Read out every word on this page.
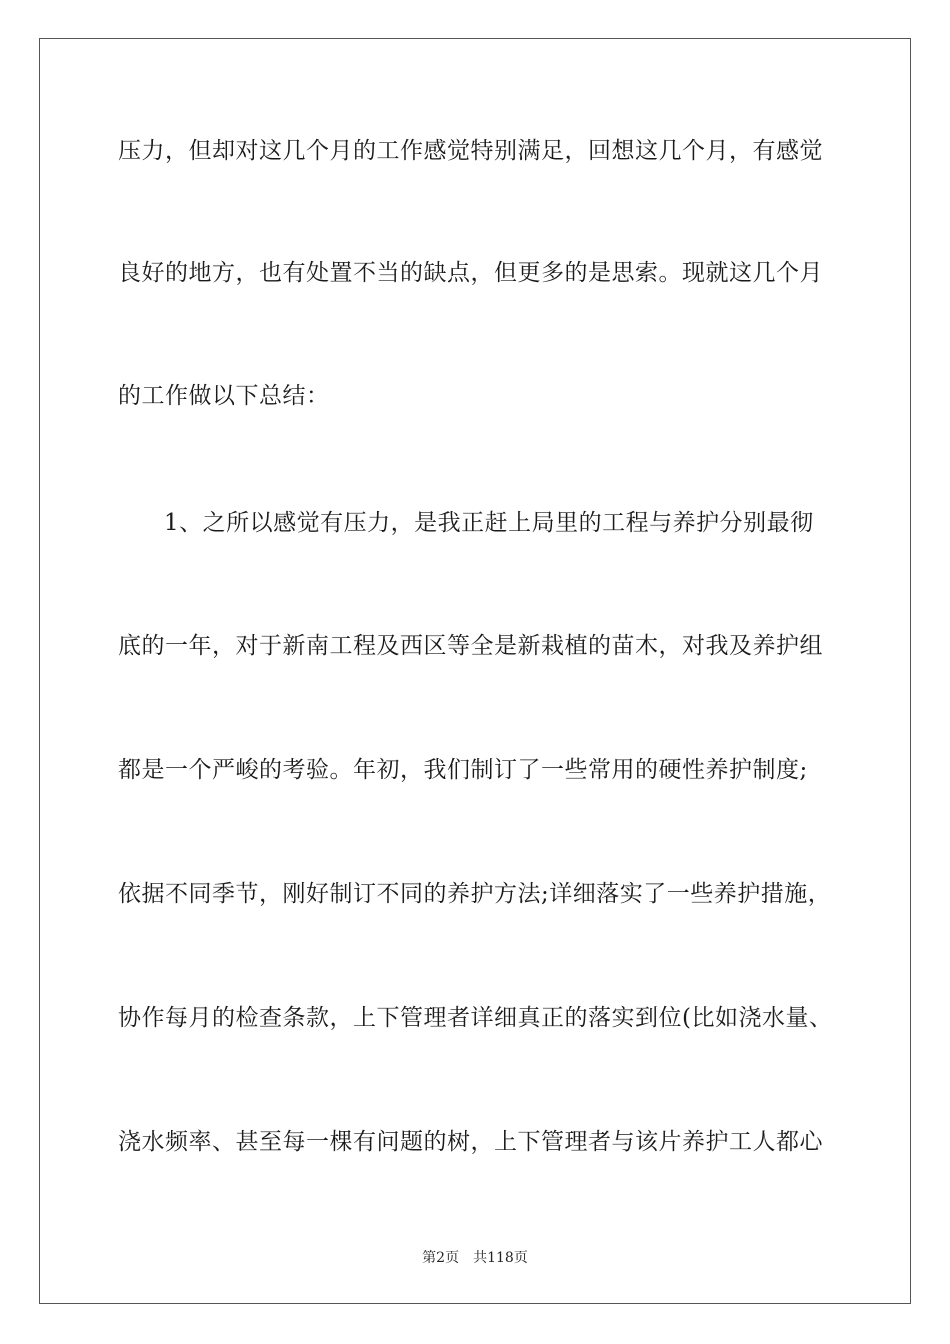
压力，但却对这几个月的工作感觉特别满足，回想这几个月，有感觉
良好的地方，也有处置不当的缺点，但更多的是思索。现就这几个月
的工作做以下总结：
1、之所以感觉有压力，是我正赶上局里的工程与养护分别最彻
底的一年，对于新南工程及西区等全是新栽植的苗木，对我及养护组
都是一个严峻的考验。年初，我们制订了一些常用的硬性养护制度;
依据不同季节，刚好制订不同的养护方法;详细落实了一些养护措施，
协作每月的检查条款，上下管理者详细真正的落实到位(比如浇水量、
浇水频率、甚至每一棵有问题的树，上下管理者与该片养护工人都心
第2页 共118页
